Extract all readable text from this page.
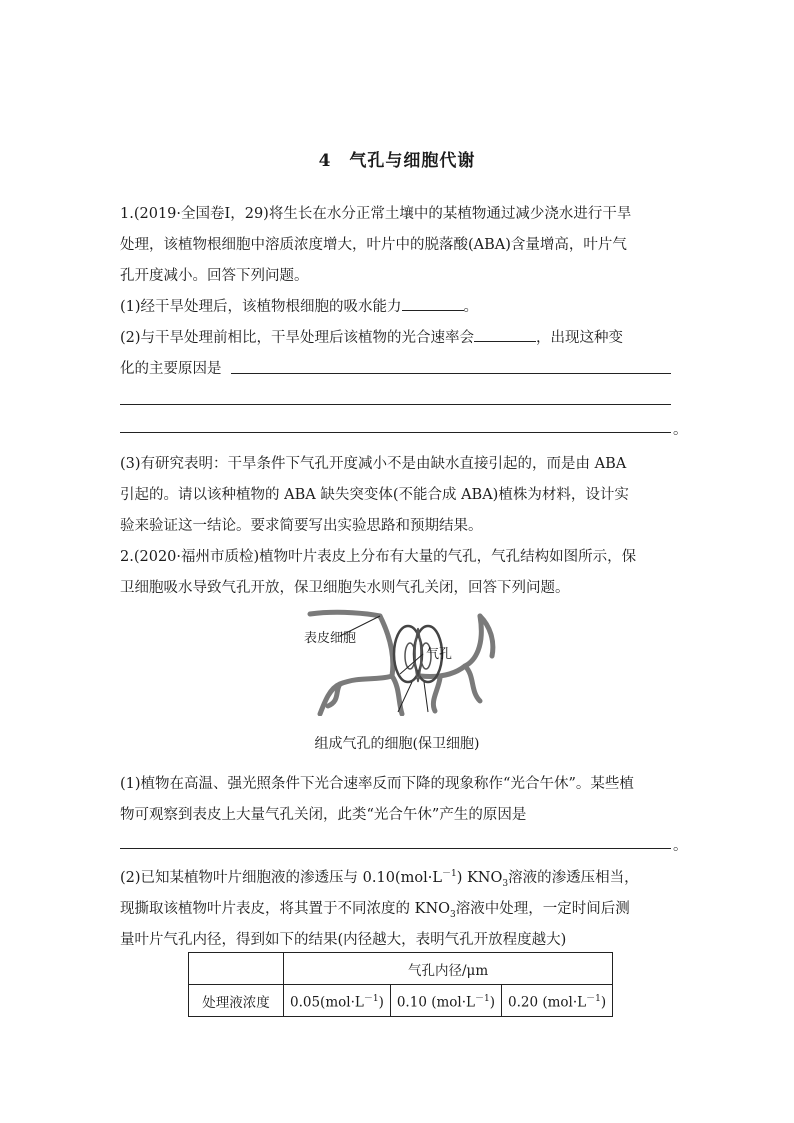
4　气孔与细胞代谢
1.(2019·全国卷Ⅰ，29)将生长在水分正常土壤中的某植物通过减少浇水进行干旱
处理，该植物根细胞中溶质浓度增大，叶片中的脱落酸(ABA)含量增高，叶片气
孔开度减小。回答下列问题。
(1)经干旱处理后，该植物根细胞的吸水能力	。
(2)与干旱处理前相比，干旱处理后该植物的光合速率会	，出现这种变
化的主要原因是
。
(3)有研究表明：干旱条件下气孔开度减小不是由缺水直接引起的，而是由 ABA
引起的。请以该种植物的 ABA 缺失突变体(不能合成 ABA)植株为材料，设计实
验来验证这一结论。要求简要写出实验思路和预期结果。
2.(2020·福州市质检)植物叶片表皮上分布有大量的气孔，气孔结构如图所示，保
卫细胞吸水导致气孔开放，保卫细胞失水则气孔关闭，回答下列问题。
表皮细胞
气孔
组成气孔的细胞(保卫细胞)
(1)植物在高温、强光照条件下光合速率反而下降的现象称作“光合午休”。某些植
物可观察到表皮上大量气孔关闭，此类“光合午休”产生的原因是
。
(2)已知某植物叶片细胞液的渗透压与 $0.10(mol\cdot L^{-1})$ $KNO_3$溶液的渗透压相当，
现撕取该植物叶片表皮，将其置于不同浓度的 $KNO_3$溶液中处理，一定时间后测
量叶片气孔内径，得到如下的结果(内径越大，表明气孔开放程度越大)
	气孔内径/μm		
处理液浓度	$0.05(mol\cdot L^{-1})$	0.10 $(mol\cdot L^{-1})$	0.20 $(mol\cdot L^{-1})$
